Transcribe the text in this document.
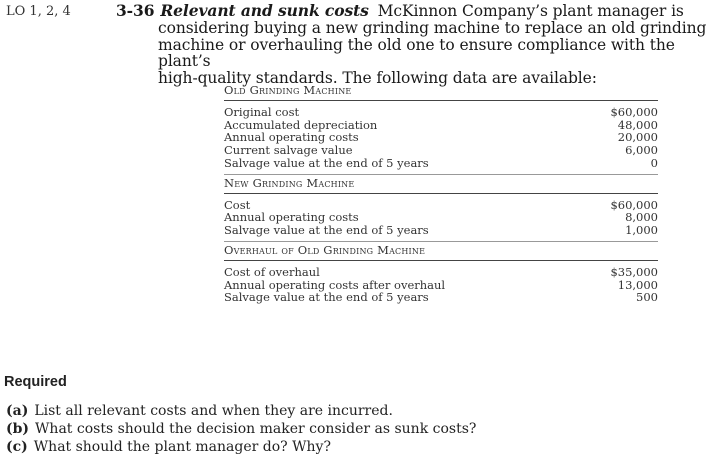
LO 1, 2, 4	3-36 Relevant and sunk costs McKinnon Company’s plant manager is
considering buying a new grinding machine to replace an old grinding
machine or overhauling the old one to ensure compliance with the plant’s
high-quality standards. The following data are available:
Old Grinding Machine
Original cost	$60,000
Accumulated depreciation	48,000
Annual operating costs	20,000
Current salvage value	6,000
Salvage value at the end of 5 years	0
New Grinding Machine
Cost	$60,000
Annual operating costs	8,000
Salvage value at the end of 5 years	1,000
Overhaul of Old Grinding Machine
Cost of overhaul	$35,000
Annual operating costs after overhaul	13,000
Salvage value at the end of 5 years	500
Required
(a) List all relevant costs and when they are incurred.
(b) What costs should the decision maker consider as sunk costs?
(c) What should the plant manager do? Why?
